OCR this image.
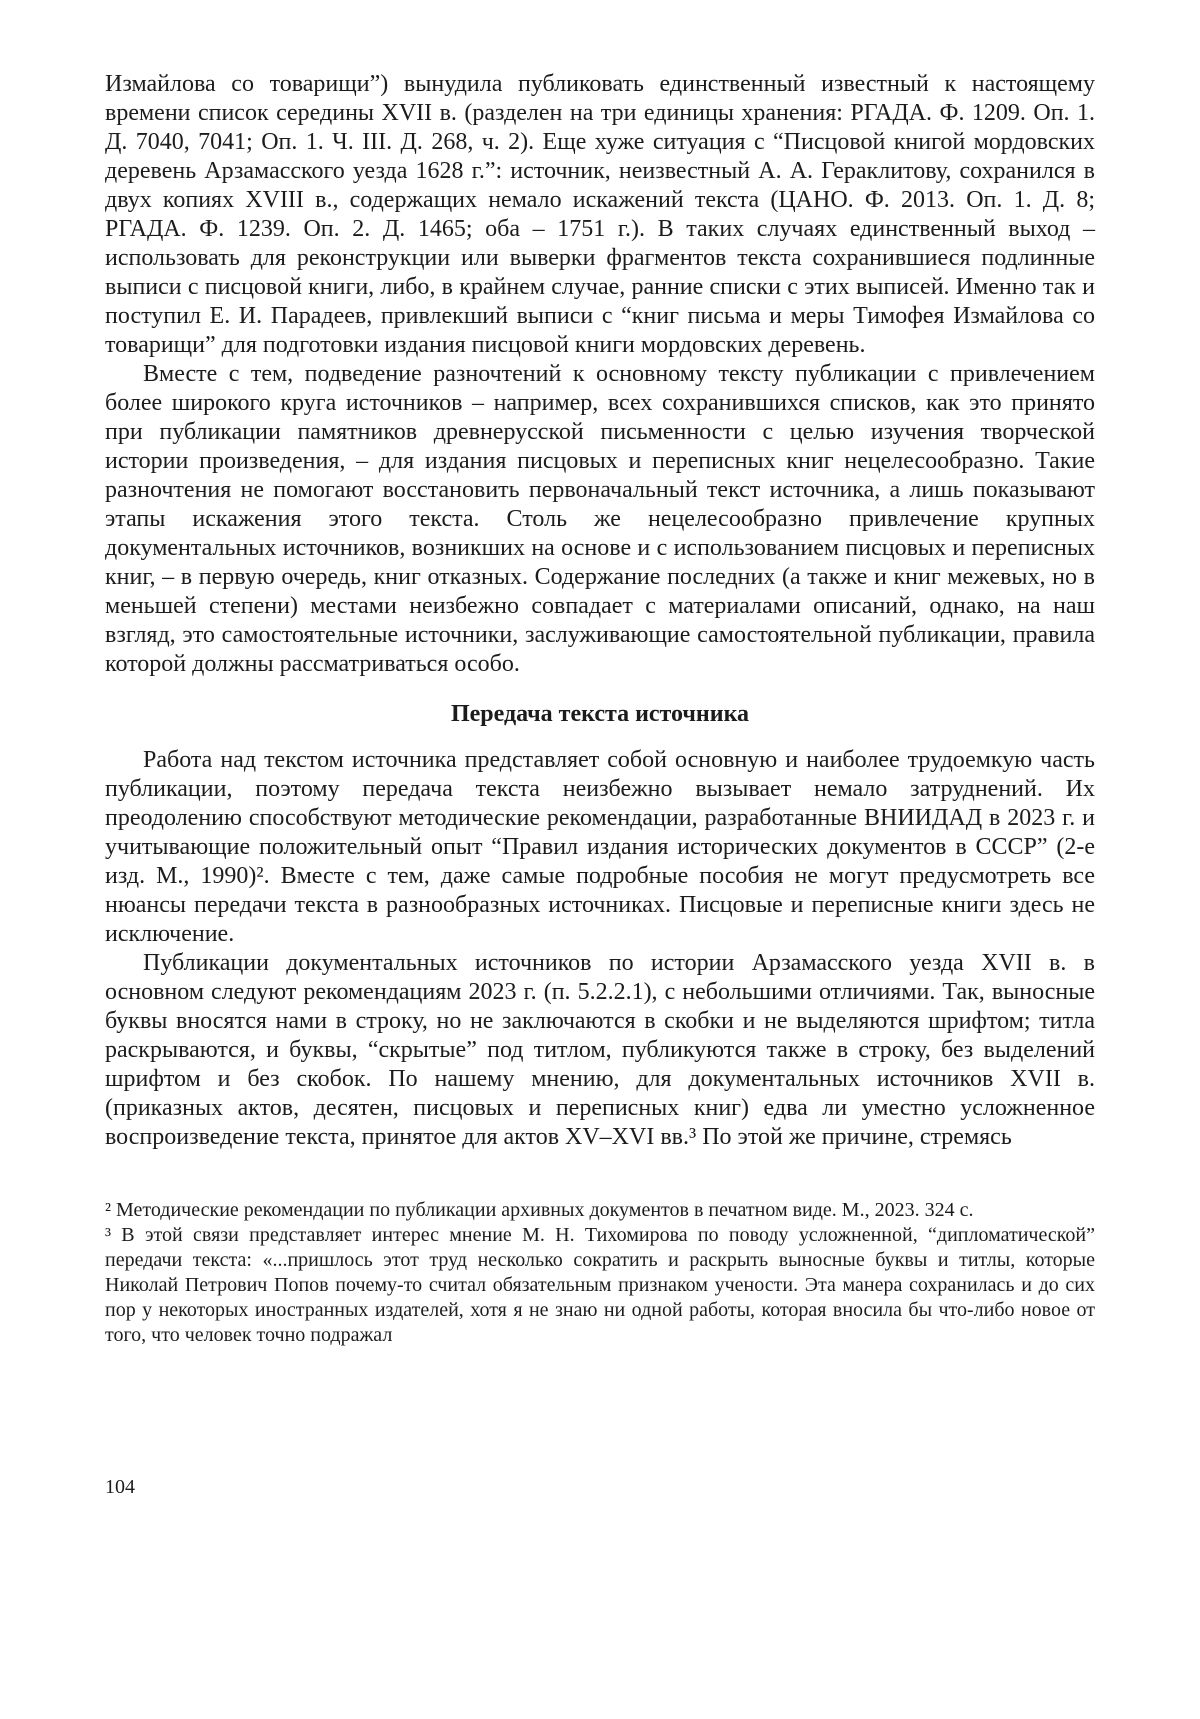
Измайлова со товарищи”) вынудила публиковать единственный известный к настоящему времени список середины XVII в. (разделен на три единицы хранения: РГАДА. Ф. 1209. Оп. 1. Д. 7040, 7041; Оп. 1. Ч. III. Д. 268, ч. 2). Еще хуже ситуация с “Писцовой книгой мордовских деревень Арзамасского уезда 1628 г.”: источник, неизвестный А. А. Гераклитову, сохранился в двух копиях XVIII в., содержащих немало искажений текста (ЦАНО. Ф. 2013. Оп. 1. Д. 8; РГАДА. Ф. 1239. Оп. 2. Д. 1465; оба – 1751 г.). В таких случаях единственный выход – использовать для реконструкции или выверки фрагментов текста сохранившиеся подлинные выписи с писцовой книги, либо, в крайнем случае, ранние списки с этих выписей. Именно так и поступил Е. И. Парадеев, привлекший выписи с “книг письма и меры Тимофея Измайлова со товарищи” для подготовки издания писцовой книги мордовских деревень.

Вместе с тем, подведение разночтений к основному тексту публикации с привлечением более широкого круга источников – например, всех сохранившихся списков, как это принято при публикации памятников древнерусской письменности с целью изучения творческой истории произведения, – для издания писцовых и переписных книг нецелесообразно. Такие разночтения не помогают восстановить первоначальный текст источника, а лишь показывают этапы искажения этого текста. Столь же нецелесообразно привлечение крупных документальных источников, возникших на основе и с использованием писцовых и переписных книг, – в первую очередь, книг отказных. Содержание последних (а также и книг межевых, но в меньшей степени) местами неизбежно совпадает с материалами описаний, однако, на наш взгляд, это самостоятельные источники, заслуживающие самостоятельной публикации, правила которой должны рассматриваться особо.

Передача текста источника

Работа над текстом источника представляет собой основную и наиболее трудоемкую часть публикации, поэтому передача текста неизбежно вызывает немало затруднений. Их преодолению способствуют методические рекомендации, разработанные ВНИИДАД в 2023 г. и учитывающие положительный опыт “Правил издания исторических документов в СССР” (2-е изд. М., 1990)². Вместе с тем, даже самые подробные пособия не могут предусмотреть все нюансы передачи текста в разнообразных источниках. Писцовые и переписные книги здесь не исключение.

Публикации документальных источников по истории Арзамасского уезда XVII в. в основном следуют рекомендациям 2023 г. (п. 5.2.2.1), с небольшими отличиями. Так, выносные буквы вносятся нами в строку, но не заключаются в скобки и не выделяются шрифтом; титла раскрываются, и буквы, “скрытые” под титлом, публикуются также в строку, без выделений шрифтом и без скобок. По нашему мнению, для документальных источников XVII в. (приказных актов, десятен, писцовых и переписных книг) едва ли уместно усложненное воспроизведение текста, принятое для актов XV–XVI вв.³ По этой же причине, стремясь

² Методические рекомендации по публикации архивных документов в печатном виде. М., 2023. 324 с.

³ В этой связи представляет интерес мнение М. Н. Тихомирова по поводу усложненной, “дипломатической” передачи текста: «...пришлось этот труд несколько сократить и раскрыть выносные буквы и титлы, которые Николай Петрович Попов почему-то считал обязательным признаком учености. Эта манера сохранилась и до сих пор у некоторых иностранных издателей, хотя я не знаю ни одной работы, которая вносила бы что-либо новое от того, что человек точно подражал

104
